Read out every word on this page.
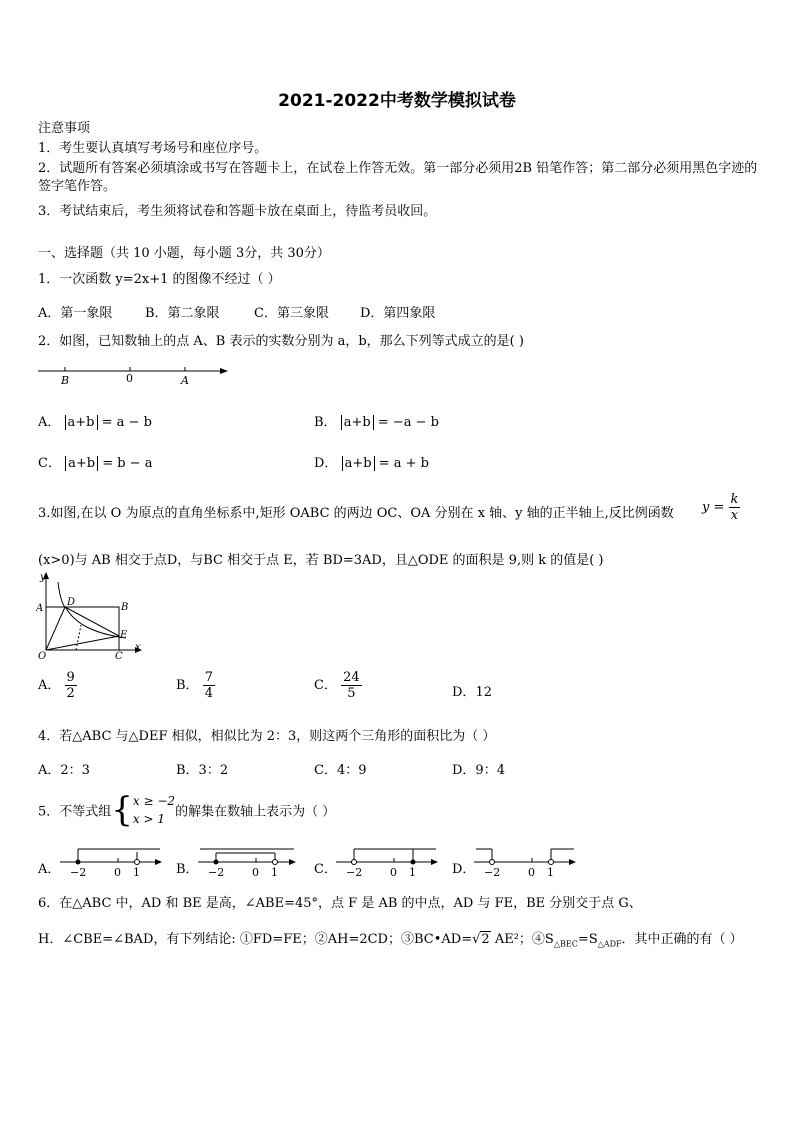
2021-2022中考数学模拟试卷
注意事项
1．考生要认真填写考场号和座位序号。
2．试题所有答案必须填涂或书写在答题卡上，在试卷上作答无效。第一部分必须用2B 铅笔作答；第二部分必须用黑色字迹的签字笔作答。
3．考试结束后，考生须将试卷和答题卡放在桌面上，待监考员收回。
一、选择题（共 10 小题，每小题 3分，共 30分）
1．一次函数 y=2x+1 的图像不经过（ ）
A．第一象限	B．第二象限	C．第三象限 D．第四象限
2．如图，已知数轴上的点 A、B 表示的实数分别为 a，b，那么下列等式成立的是( )
B	0	A
A． a+b = a − b	B． a+b = −a − b
C． a+b = b − a	D． a+b = a + b
3.如图,在以 O 为原点的直角坐标系中,矩形 OABC 的两边 OC、OA 分别在 x 轴、y 轴的正半轴上,反比例函数 $y = \frac{k}{x}$
(x>0)与 AB 相交于点D，与BC 相交于点 E，若 BD=3AD，且△ODE 的面积是 9,则 k 的值是( )
y
A
D	B
E
O	C
x
A． $\frac{9}{2}$	B． $\frac{7}{4}$	C． $\frac{24}{5}$	D．12
4．若△ABC 与△DEF 相似，相似比为 2：3，则这两个三角形的面积比为（ ）
A．2：3	B．3：2	C．4：9	D．9：4
5．不等式组{ x ≥ −2
x > 1 的解集在数轴上表示为（ ）
A． −2	0 1	B． −2	0 1	C． −2	0 1	D． −2	0 1
6．在△ABC 中，AD 和 BE 是高，∠ABE=45°，点 F 是 AB 的中点，AD 与 FE，BE 分别交于点 G、
H．∠CBE=∠BAD，有下列结论: ①FD=FE；②AH=2CD；③BC•AD=√2 AE²；$④S_{\triangle BEC}=S_{\triangle ADF}$．其中正确的有（ ）
